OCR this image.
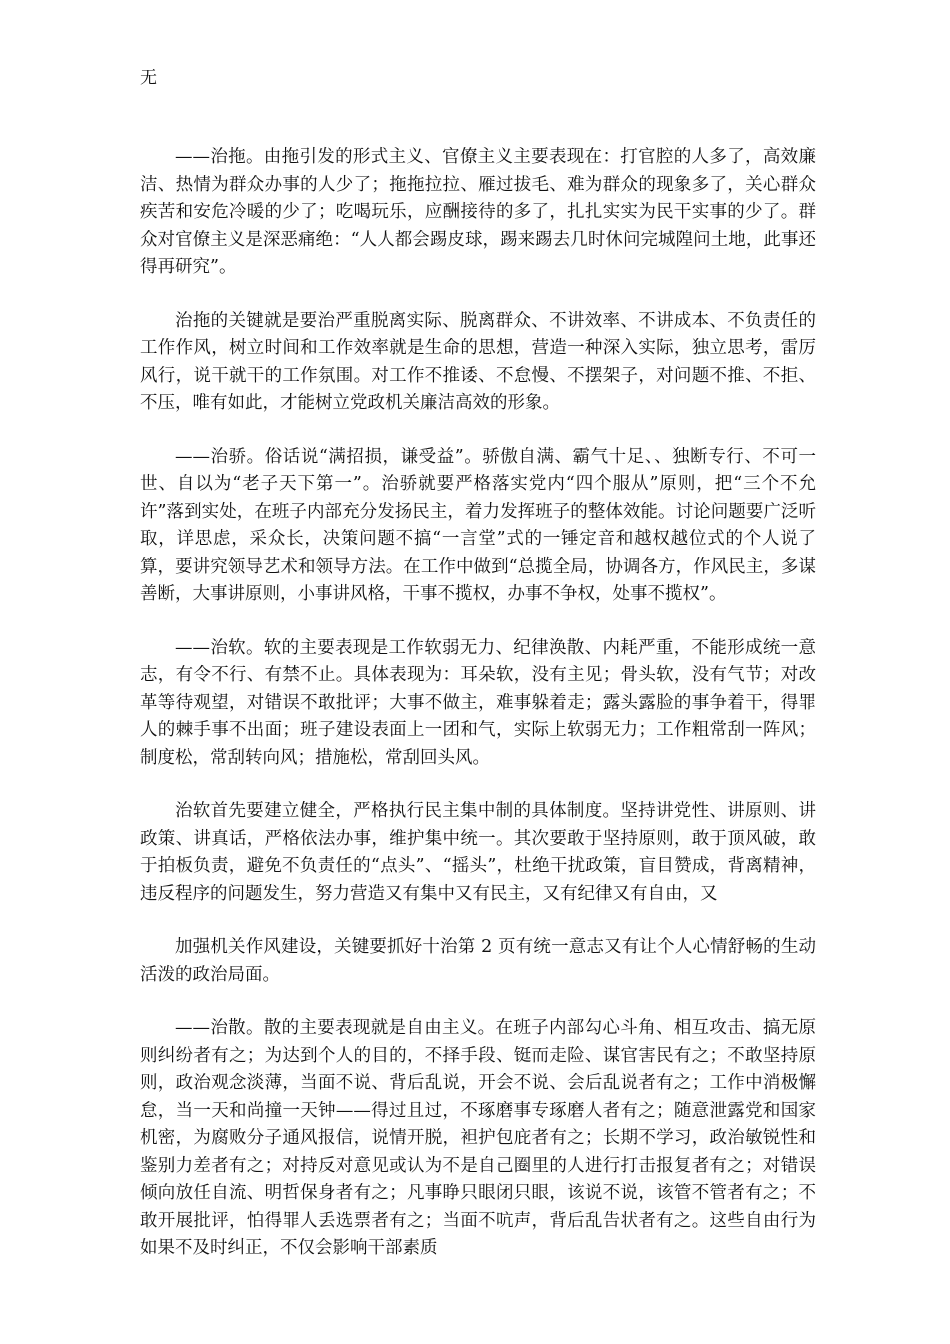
无

——治拖。由拖引发的形式主义、官僚主义主要表现在：打官腔的人多了，高效廉洁、热情为群众办事的人少了；拖拖拉拉、雁过拔毛、难为群众的现象多了，关心群众疾苦和安危冷暖的少了；吃喝玩乐，应酬接待的多了，扎扎实实为民干实事的少了。群众对官僚主义是深恶痛绝：“人人都会踢皮球，踢来踢去几时休问完城隍问土地，此事还得再研究”。

治拖的关键就是要治严重脱离实际、脱离群众、不讲效率、不讲成本、不负责任的工作作风，树立时间和工作效率就是生命的思想，营造一种深入实际，独立思考，雷厉风行，说干就干的工作氛围。对工作不推诿、不怠慢、不摆架子，对问题不推、不拒、不压，唯有如此，才能树立党政机关廉洁高效的形象。

——治骄。俗话说“满招损，谦受益”。骄傲自满、霸气十足、、独断专行、不可一世、自以为“老子天下第一”。治骄就要严格落实党内“四个服从”原则，把“三个不允许”落到实处，在班子内部充分发扬民主，着力发挥班子的整体效能。讨论问题要广泛听取，详思虑，采众长，决策问题不搞“一言堂”式的一锤定音和越权越位式的个人说了算，要讲究领导艺术和领导方法。在工作中做到“总揽全局，协调各方，作风民主，多谋善断，大事讲原则，小事讲风格，干事不揽权，办事不争权，处事不揽权”。

——治软。软的主要表现是工作软弱无力、纪律涣散、内耗严重，不能形成统一意志，有令不行、有禁不止。具体表现为：耳朵软，没有主见；骨头软，没有气节；对改革等待观望，对错误不敢批评；大事不做主，难事躲着走；露头露脸的事争着干，得罪人的棘手事不出面；班子建设表面上一团和气，实际上软弱无力；工作粗常刮一阵风；制度松，常刮转向风；措施松，常刮回头风。

治软首先要建立健全，严格执行民主集中制的具体制度。坚持讲党性、讲原则、讲政策、讲真话，严格依法办事，维护集中统一。其次要敢于坚持原则，敢于顶风破，敢于拍板负责，避免不负责任的“点头”、“摇头”，杜绝干扰政策，盲目赞成，背离精神，违反程序的问题发生，努力营造又有集中又有民主，又有纪律又有自由，又

加强机关作风建设，关键要抓好十治第 2 页有统一意志又有让个人心情舒畅的生动活泼的政治局面。

——治散。散的主要表现就是自由主义。在班子内部勾心斗角、相互攻击、搞无原则纠纷者有之；为达到个人的目的，不择手段、铤而走险、谋官害民有之；不敢坚持原则，政治观念淡薄，当面不说、背后乱说，开会不说、会后乱说者有之；工作中消极懈怠，当一天和尚撞一天钟——得过且过，不琢磨事专琢磨人者有之；随意泄露党和国家机密，为腐败分子通风报信，说情开脱，袒护包庇者有之；长期不学习，政治敏锐性和鉴别力差者有之；对持反对意见或认为不是自己圈里的人进行打击报复者有之；对错误倾向放任自流、明哲保身者有之；凡事睁只眼闭只眼，该说不说，该管不管者有之；不敢开展批评，怕得罪人丢选票者有之；当面不吭声，背后乱告状者有之。这些自由行为如果不及时纠正，不仅会影响干部素质
